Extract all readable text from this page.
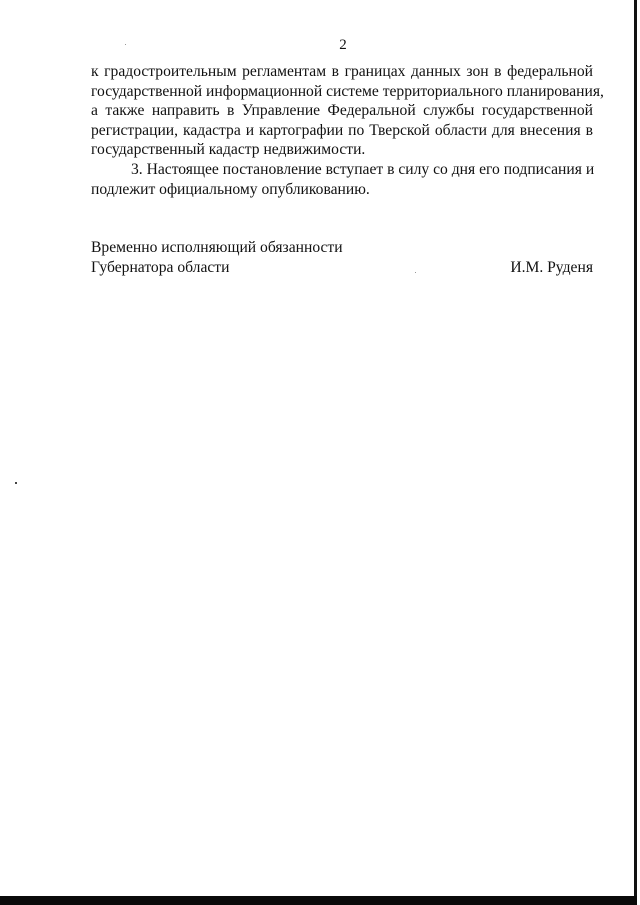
2

к градостроительным регламентам в границах данных зон в федеральной
государственной информационной системе территориального планирования,
а также направить в Управление Федеральной службы государственной
регистрации, кадастра и картографии по Тверской области для внесения в
государственный кадастр недвижимости.

3. Настоящее постановление вступает в силу со дня его подписания и
подлежит официальному опубликованию.

Временно исполняющий обязанности
Губернатора области	И.М. Руденя
